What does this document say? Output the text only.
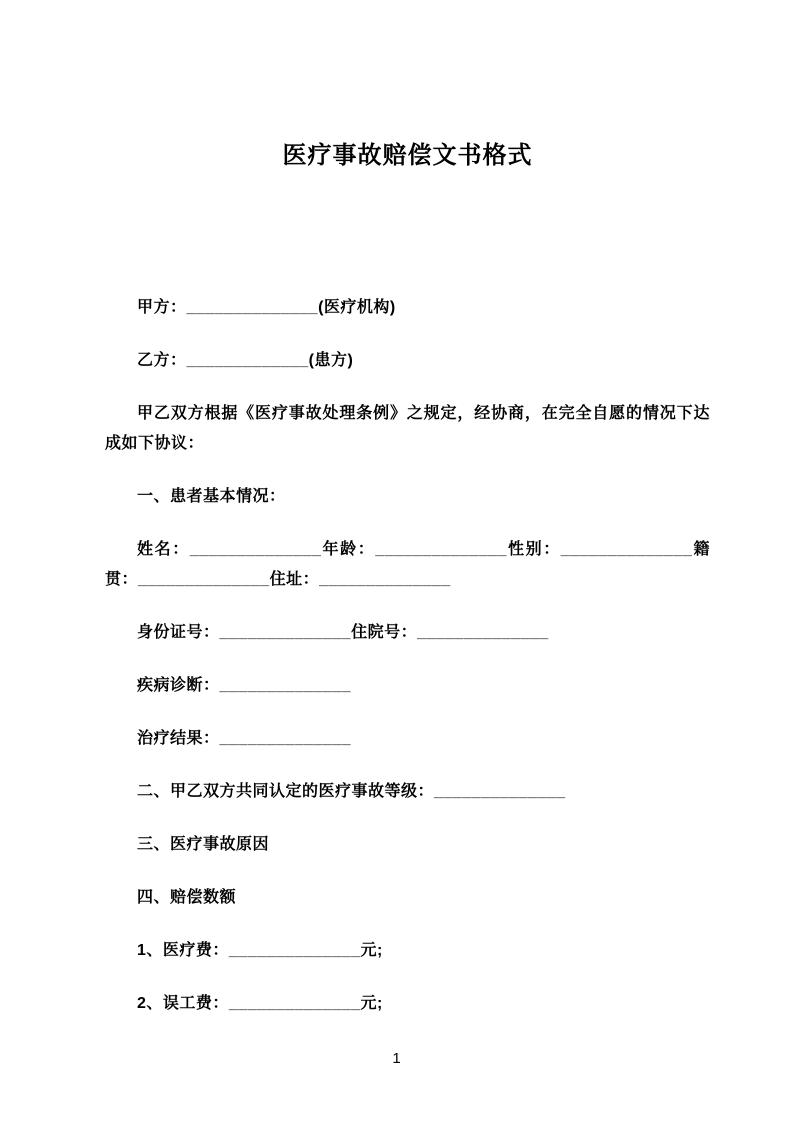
医疗事故赔偿文书格式

甲方：______________(医疗机构)

乙方：_____________(患方)

甲乙双方根据《医疗事故处理条例》之规定，经协商，在完全自愿的情况下达成如下协议：

一、患者基本情况：

姓名：______________年龄：______________性别：______________籍贯：______________住址：______________

身份证号：______________住院号：______________

疾病诊断：______________

治疗结果：______________

二、甲乙双方共同认定的医疗事故等级：______________

三、医疗事故原因

四、赔偿数额

1、医疗费：______________元;

2、误工费：______________元;

1
